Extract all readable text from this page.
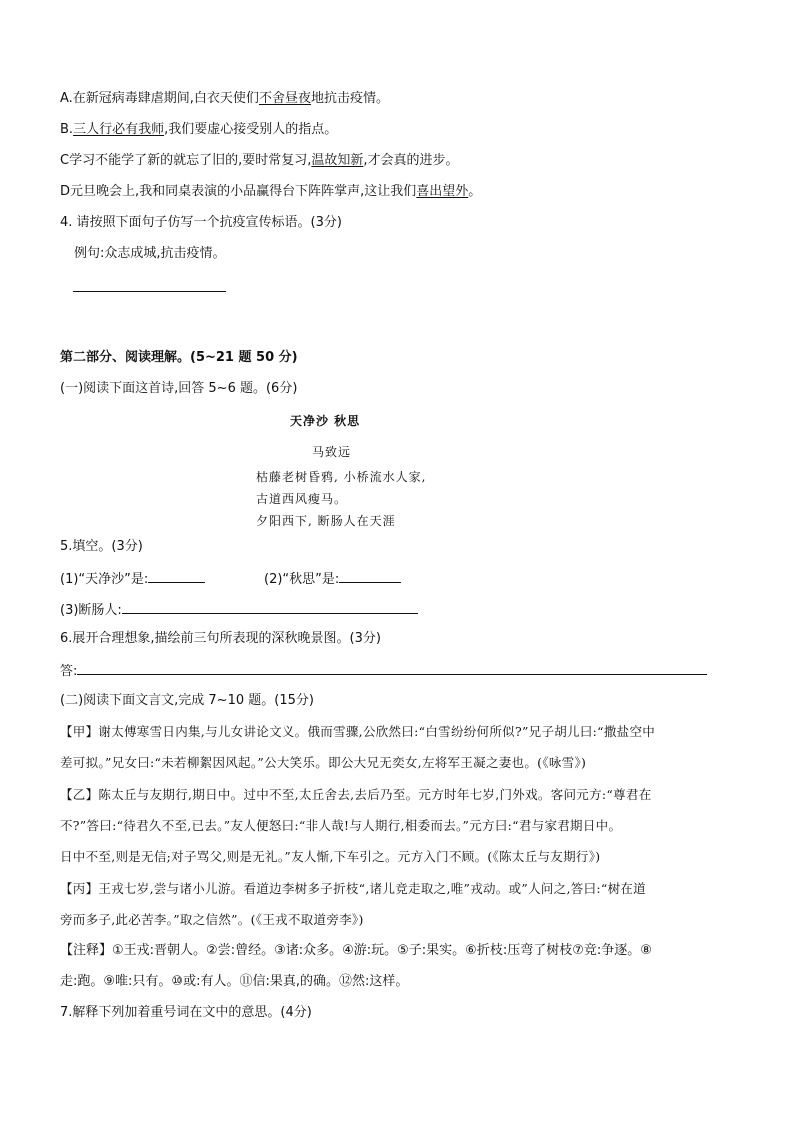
A.在新冠病毒肆虐期间,白衣天使们不舍昼夜地抗击疫情。
B.三人行必有我师,我们要虚心接受别人的指点。
C学习不能学了新的就忘了旧的,要时常复习,温故知新,才会真的进步。
D元旦晚会上,我和同桌表演的小品赢得台下阵阵掌声,这让我们喜出望外。
4. 请按照下面句子仿写一个抗疫宣传标语。(3分)
例句:众志成城,抗击疫情。
第二部分、阅读理解。(5~21 题 50 分)
(一)阅读下面这首诗,回答 5~6 题。(6分)
天净沙 秋思
马致远
枯藤老树昏鸦, 小桥流水人家,
古道西风瘦马。
夕阳西下, 断肠人在天涯
5.填空。(3分)
(1)“天净沙”是:	(2)“秋思”是:
(3)断肠人:
6.展开合理想象,描绘前三句所表现的深秋晚景图。(3分)
答:
(二)阅读下面文言文,完成 7~10 题。(15分)
【甲】谢太傅寒雪日内集,与儿女讲论文义。俄而雪骤,公欣然曰:“白雪纷纷何所似?”兄子胡儿曰:“撒盐空中
差可拟。”兄女曰:“未若柳絮因风起。”公大笑乐。即公大兄无奕女,左将军王凝之妻也。(《咏雪》)
【乙】陈太丘与友期行,期日中。过中不至,太丘舍去,去后乃至。元方时年七岁,门外戏。客问元方:“尊君在
不?”答曰:“待君久不至,已去。”友人便怒曰:“非人哉!与人期行,相委而去。”元方曰:“君与家君期日中。
日中不至,则是无信;对子骂父,则是无礼。”友人惭,下车引之。元方入门不顾。(《陈太丘与友期行》)
【丙】王戎七岁,尝与诸小儿游。看道边李树多子折枝“,诸儿竞走取之,唯”戎动。或”人问之,答曰:“树在道
旁而多子,此必苦李。”取之信然”。(《王戎不取道旁李》)
【注释】①王戎:晋朝人。②尝:曾经。③诸:众多。④游:玩。⑤子:果实。⑥折枝:压弯了树枝⑦竞:争逐。⑧
走:跑。⑨唯:只有。⑩或:有人。⑪信:果真,的确。⑫然:这样。
7.解释下列加着重号词在文中的意思。(4分)
